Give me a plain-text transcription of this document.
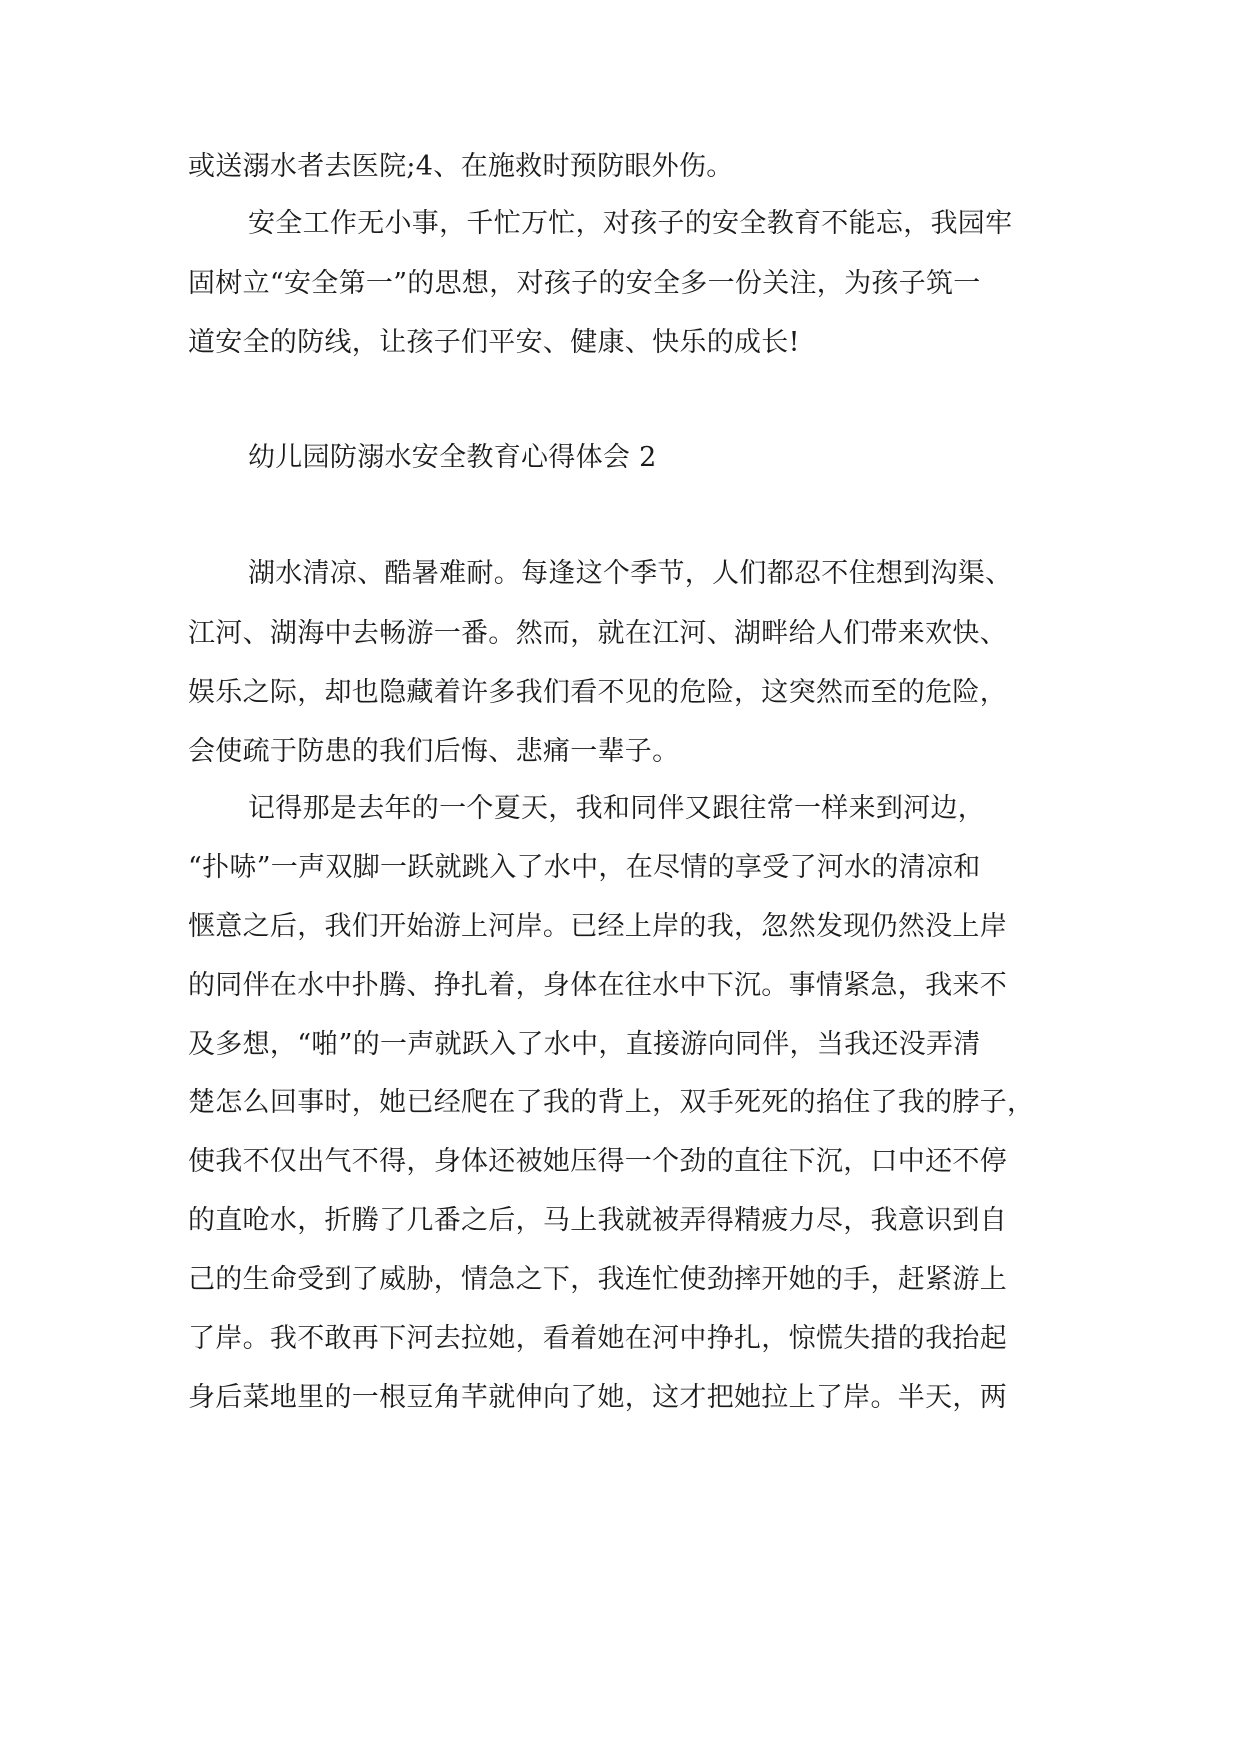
或送溺水者去医院;4、在施救时预防眼外伤。
安全工作无小事，千忙万忙，对孩子的安全教育不能忘，我园牢
固树立“安全第一”的思想，对孩子的安全多一份关注，为孩子筑一
道安全的防线，让孩子们平安、健康、快乐的成长!
幼儿园防溺水安全教育心得体会 2
湖水清凉、酷暑难耐。每逢这个季节，人们都忍不住想到沟渠、
江河、湖海中去畅游一番。然而，就在江河、湖畔给人们带来欢快、
娱乐之际，却也隐藏着许多我们看不见的危险，这突然而至的危险，
会使疏于防患的我们后悔、悲痛一辈子。
记得那是去年的一个夏天，我和同伴又跟往常一样来到河边，
“扑哧”一声双脚一跃就跳入了水中，在尽情的享受了河水的清凉和
惬意之后，我们开始游上河岸。已经上岸的我，忽然发现仍然没上岸
的同伴在水中扑腾、挣扎着，身体在往水中下沉。事情紧急，我来不
及多想，“啪”的一声就跃入了水中，直接游向同伴，当我还没弄清
楚怎么回事时，她已经爬在了我的背上，双手死死的掐住了我的脖子，
使我不仅出气不得，身体还被她压得一个劲的直往下沉，口中还不停
的直呛水，折腾了几番之后，马上我就被弄得精疲力尽，我意识到自
己的生命受到了威胁，情急之下，我连忙使劲摔开她的手，赶紧游上
了岸。我不敢再下河去拉她，看着她在河中挣扎，惊慌失措的我抬起
身后菜地里的一根豆角芊就伸向了她，这才把她拉上了岸。半天，两
